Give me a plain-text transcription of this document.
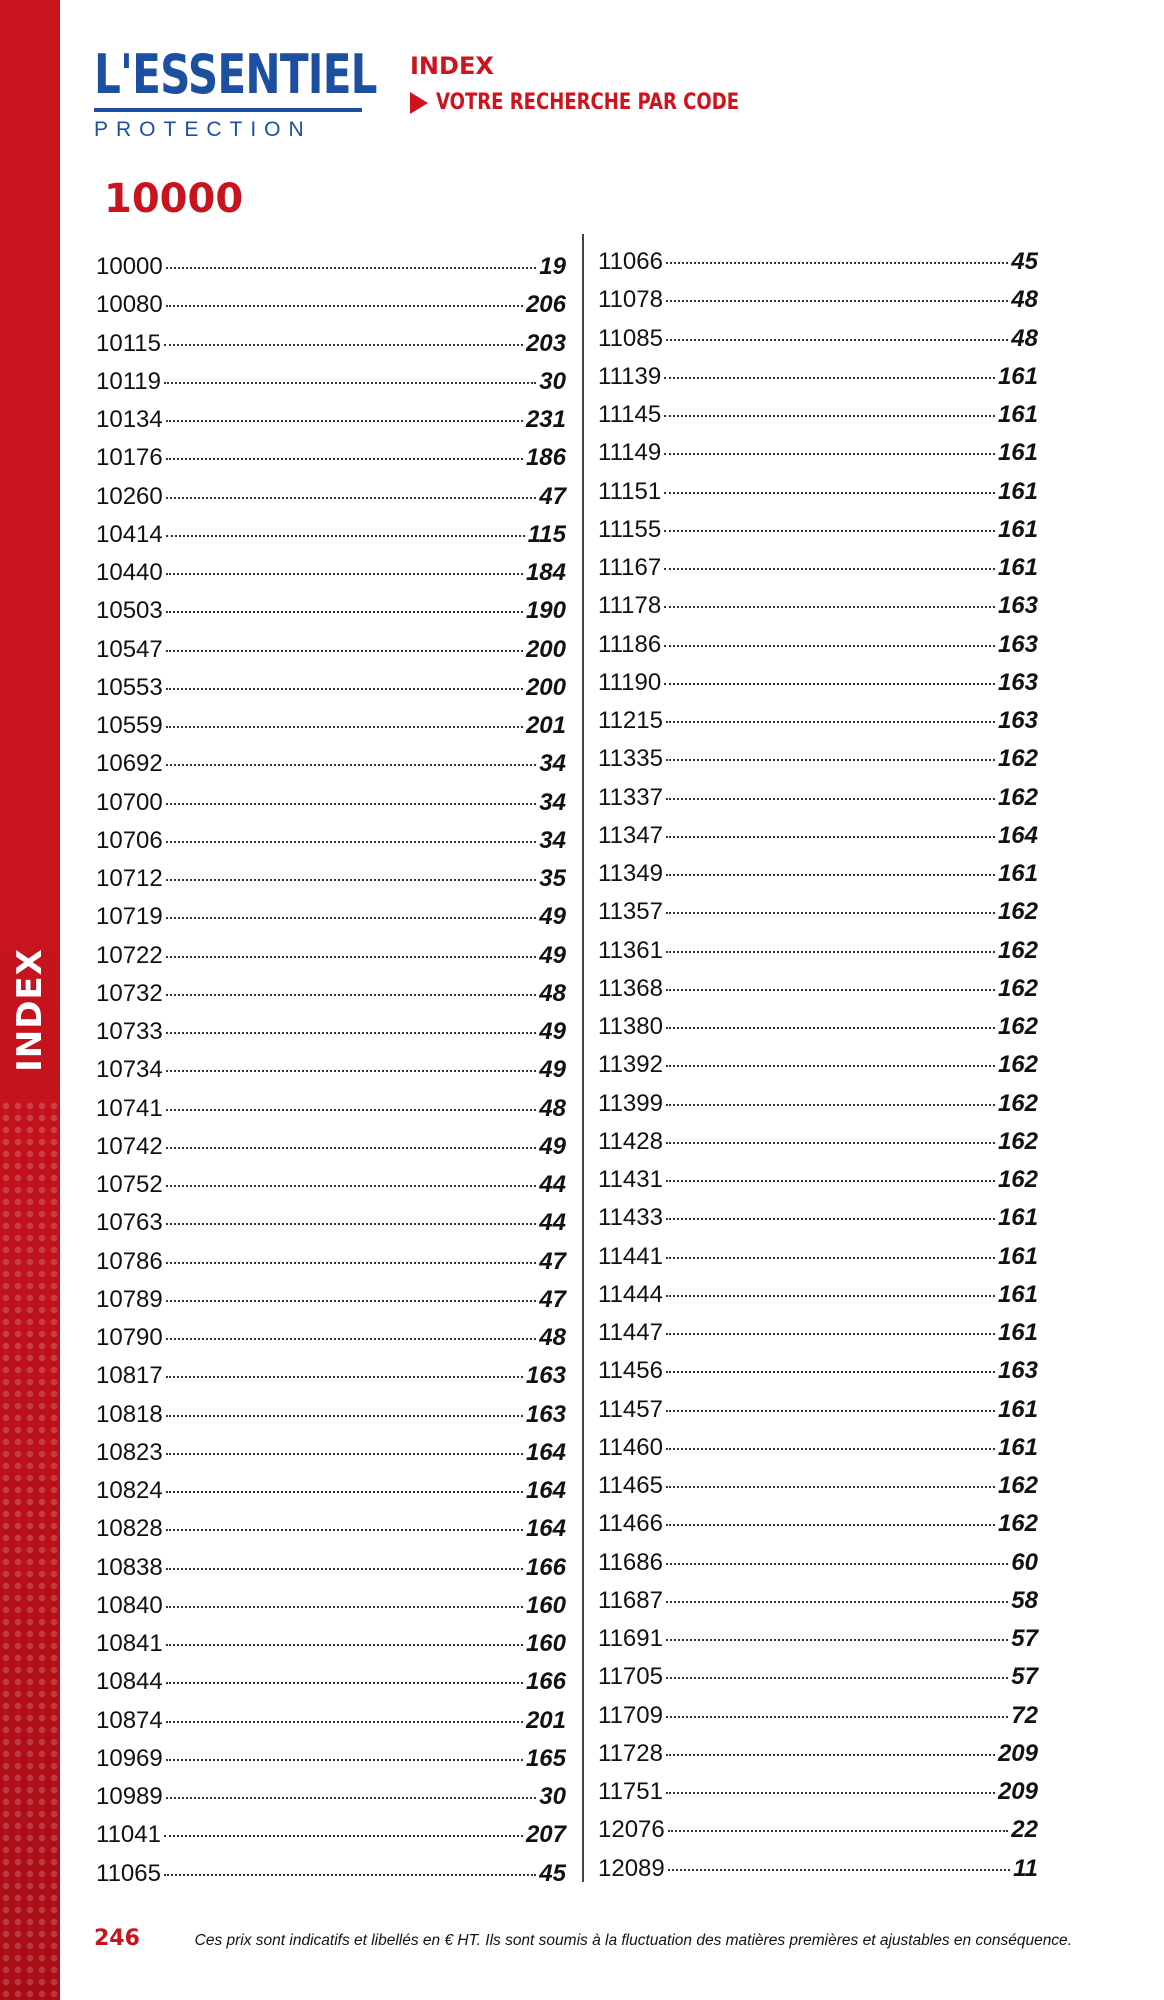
INDEX
L'ESSENTIEL
PROTECTION
INDEX
VOTRE RECHERCHE PAR CODE
10000
10000	19
10080	206
10115	203
10119	30
10134	231
10176	186
10260	47
10414	115
10440	184
10503	190
10547	200
10553	200
10559	201
10692	34
10700	34
10706	34
10712	35
10719	49
10722	49
10732	48
10733	49
10734	49
10741	48
10742	49
10752	44
10763	44
10786	47
10789	47
10790	48
10817	163
10818	163
10823	164
10824	164
10828	164
10838	166
10840	160
10841	160
10844	166
10874	201
10969	165
10989	30
11041	207
11065	45
11066	45
11078	48
11085	48
11139	161
11145	161
11149	161
11151	161
11155	161
11167	161
11178	163
11186	163
11190	163
11215	163
11335	162
11337	162
11347	164
11349	161
11357	162
11361	162
11368	162
11380	162
11392	162
11399	162
11428	162
11431	162
11433	161
11441	161
11444	161
11447	161
11456	163
11457	161
11460	161
11465	162
11466	162
11686	60
11687	58
11691	57
11705	57
11709	72
11728	209
11751	209
12076	22
12089	11
246	Ces prix sont indicatifs et libellés en € HT. Ils sont soumis à la fluctuation des matières premières et ajustables en conséquence.
